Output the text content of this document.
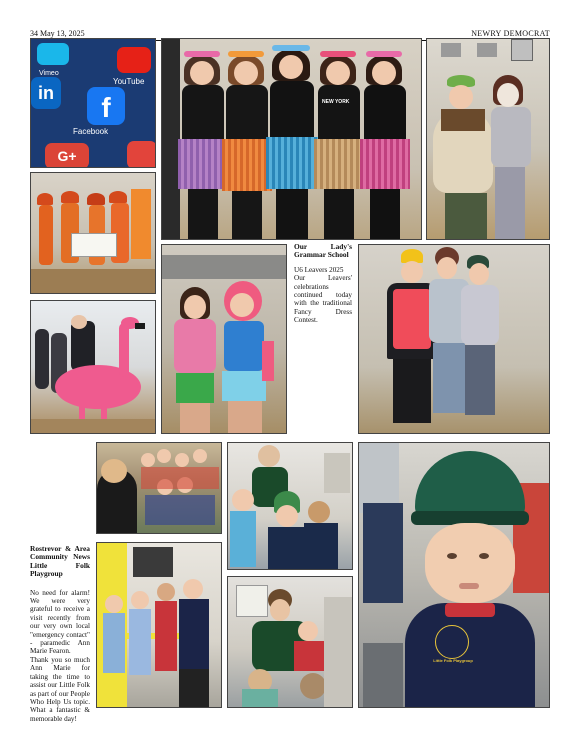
34 May 13, 2025	NEWRY DEMOCRAT
Vimeo
YouTube
in	f
Facebook
G+
NEW YORK
Our Lady's Grammar School
U6 Leavers 2025
Our Leavers' celebrations continued today with the traditional Fancy Dress Contest.
Little Folk Playgroup
Rostrevor & Area Community News Little Folk Playgroup
No need for alarm! We were very grateful to receive a visit recently from our very own local "emergency contact" - paramedic Ann Marie Fearon.
Thank you so much Ann Marie for taking the time to assist our Little Folk as part of our People Who Help Us topic. What a fantastic & memorable day!
